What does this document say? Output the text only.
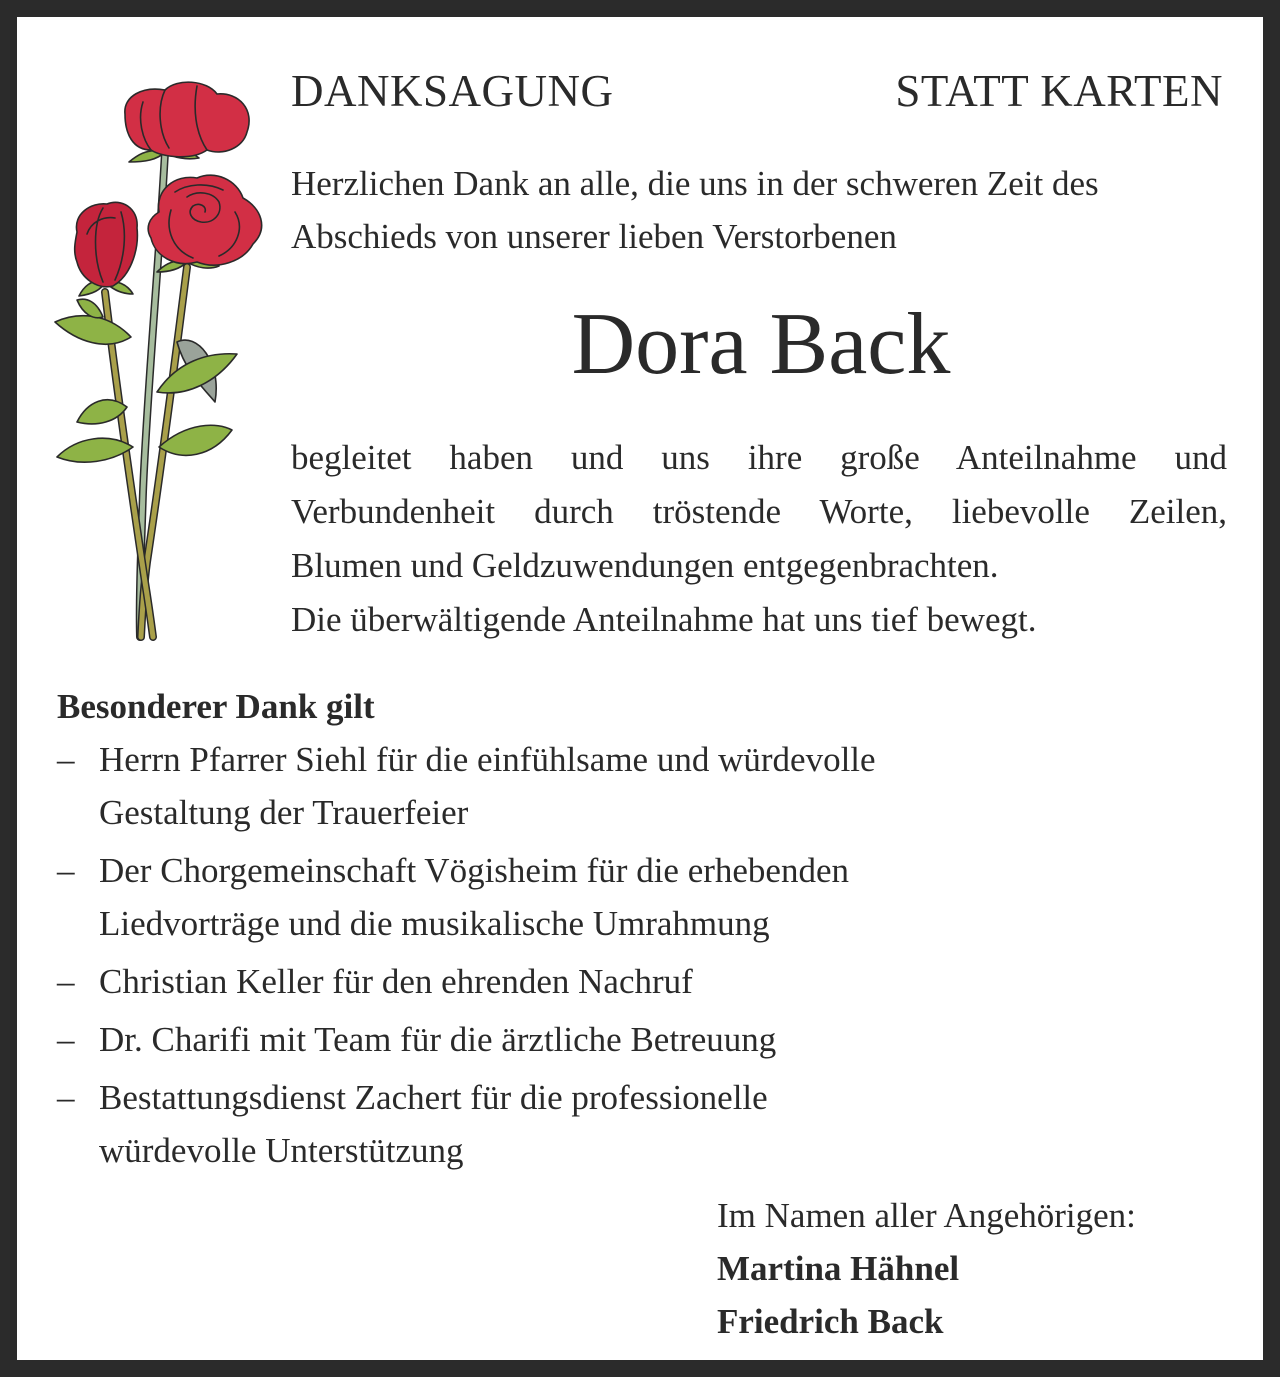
DANKSAGUNG	STATT KARTEN

Herzlichen Dank an alle, die uns in der schweren Zeit des

Abschieds von unserer lieben Verstorbenen

Dora Back

begleitet haben und uns ihre große Anteilnahme und

Verbundenheit durch tröstende Worte, liebevolle Zeilen,

Blumen und Geldzuwendungen entgegenbrachten.

Die überwältigende Anteilnahme hat uns tief bewegt.

Besonderer Dank gilt
– Herrn Pfarrer Siehl für die einfühlsame und würdevolle
Gestaltung der Trauerfeier
– Der Chorgemeinschaft Vögisheim für die erhebenden
Liedvorträge und die musikalische Umrahmung
– Christian Keller für den ehrenden Nachruf
– Dr. Charifi mit Team für die ärztliche Betreuung
– Bestattungsdienst Zachert für die professionelle
würdevolle Unterstützung
Im Namen aller Angehörigen:
Martina Hähnel
Friedrich Back
